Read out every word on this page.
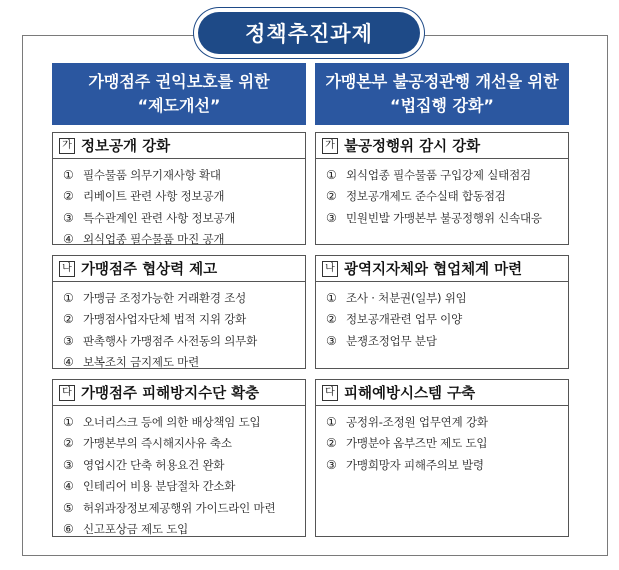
정책추진과제
가맹점주 권익보호를 위한
“제도개선”
가맹본부 불공정관행 개선을 위한
“법집행 강화”
가 정보공개 강화
① 필수물품 의무기재사항 확대
② 리베이트 관련 사항 정보공개
③ 특수관계인 관련 사항 정보공개
④ 외식업종 필수물품 마진 공개
가 불공정행위 감시 강화
① 외식업종 필수물품 구입강제 실태점검
② 정보공개제도 준수실태 합동점검
③ 민원빈발 가맹본부 불공정행위 신속대응
나 가맹점주 협상력 제고
① 가맹금 조정가능한 거래환경 조성
② 가맹점사업자단체 법적 지위 강화
③ 판촉행사 가맹점주 사전동의 의무화
④ 보복조치 금지제도 마련
나 광역지자체와 협업체계 마련
① 조사 · 처분권(일부) 위임
② 정보공개관련 업무 이양
③ 분쟁조정업무 분담
다 가맹점주 피해방지수단 확충
① 오너리스크 등에 의한 배상책임 도입
② 가맹본부의 즉시해지사유 축소
③ 영업시간 단축 허용요건 완화
④ 인테리어 비용 분담절차 간소화
⑤ 허위과장정보제공행위 가이드라인 마련
⑥ 신고포상금 제도 도입
다 피해예방시스템 구축
① 공정위-조정원 업무연계 강화
② 가맹분야 옴부즈만 제도 도입
③ 가맹희망자 피해주의보 발령
